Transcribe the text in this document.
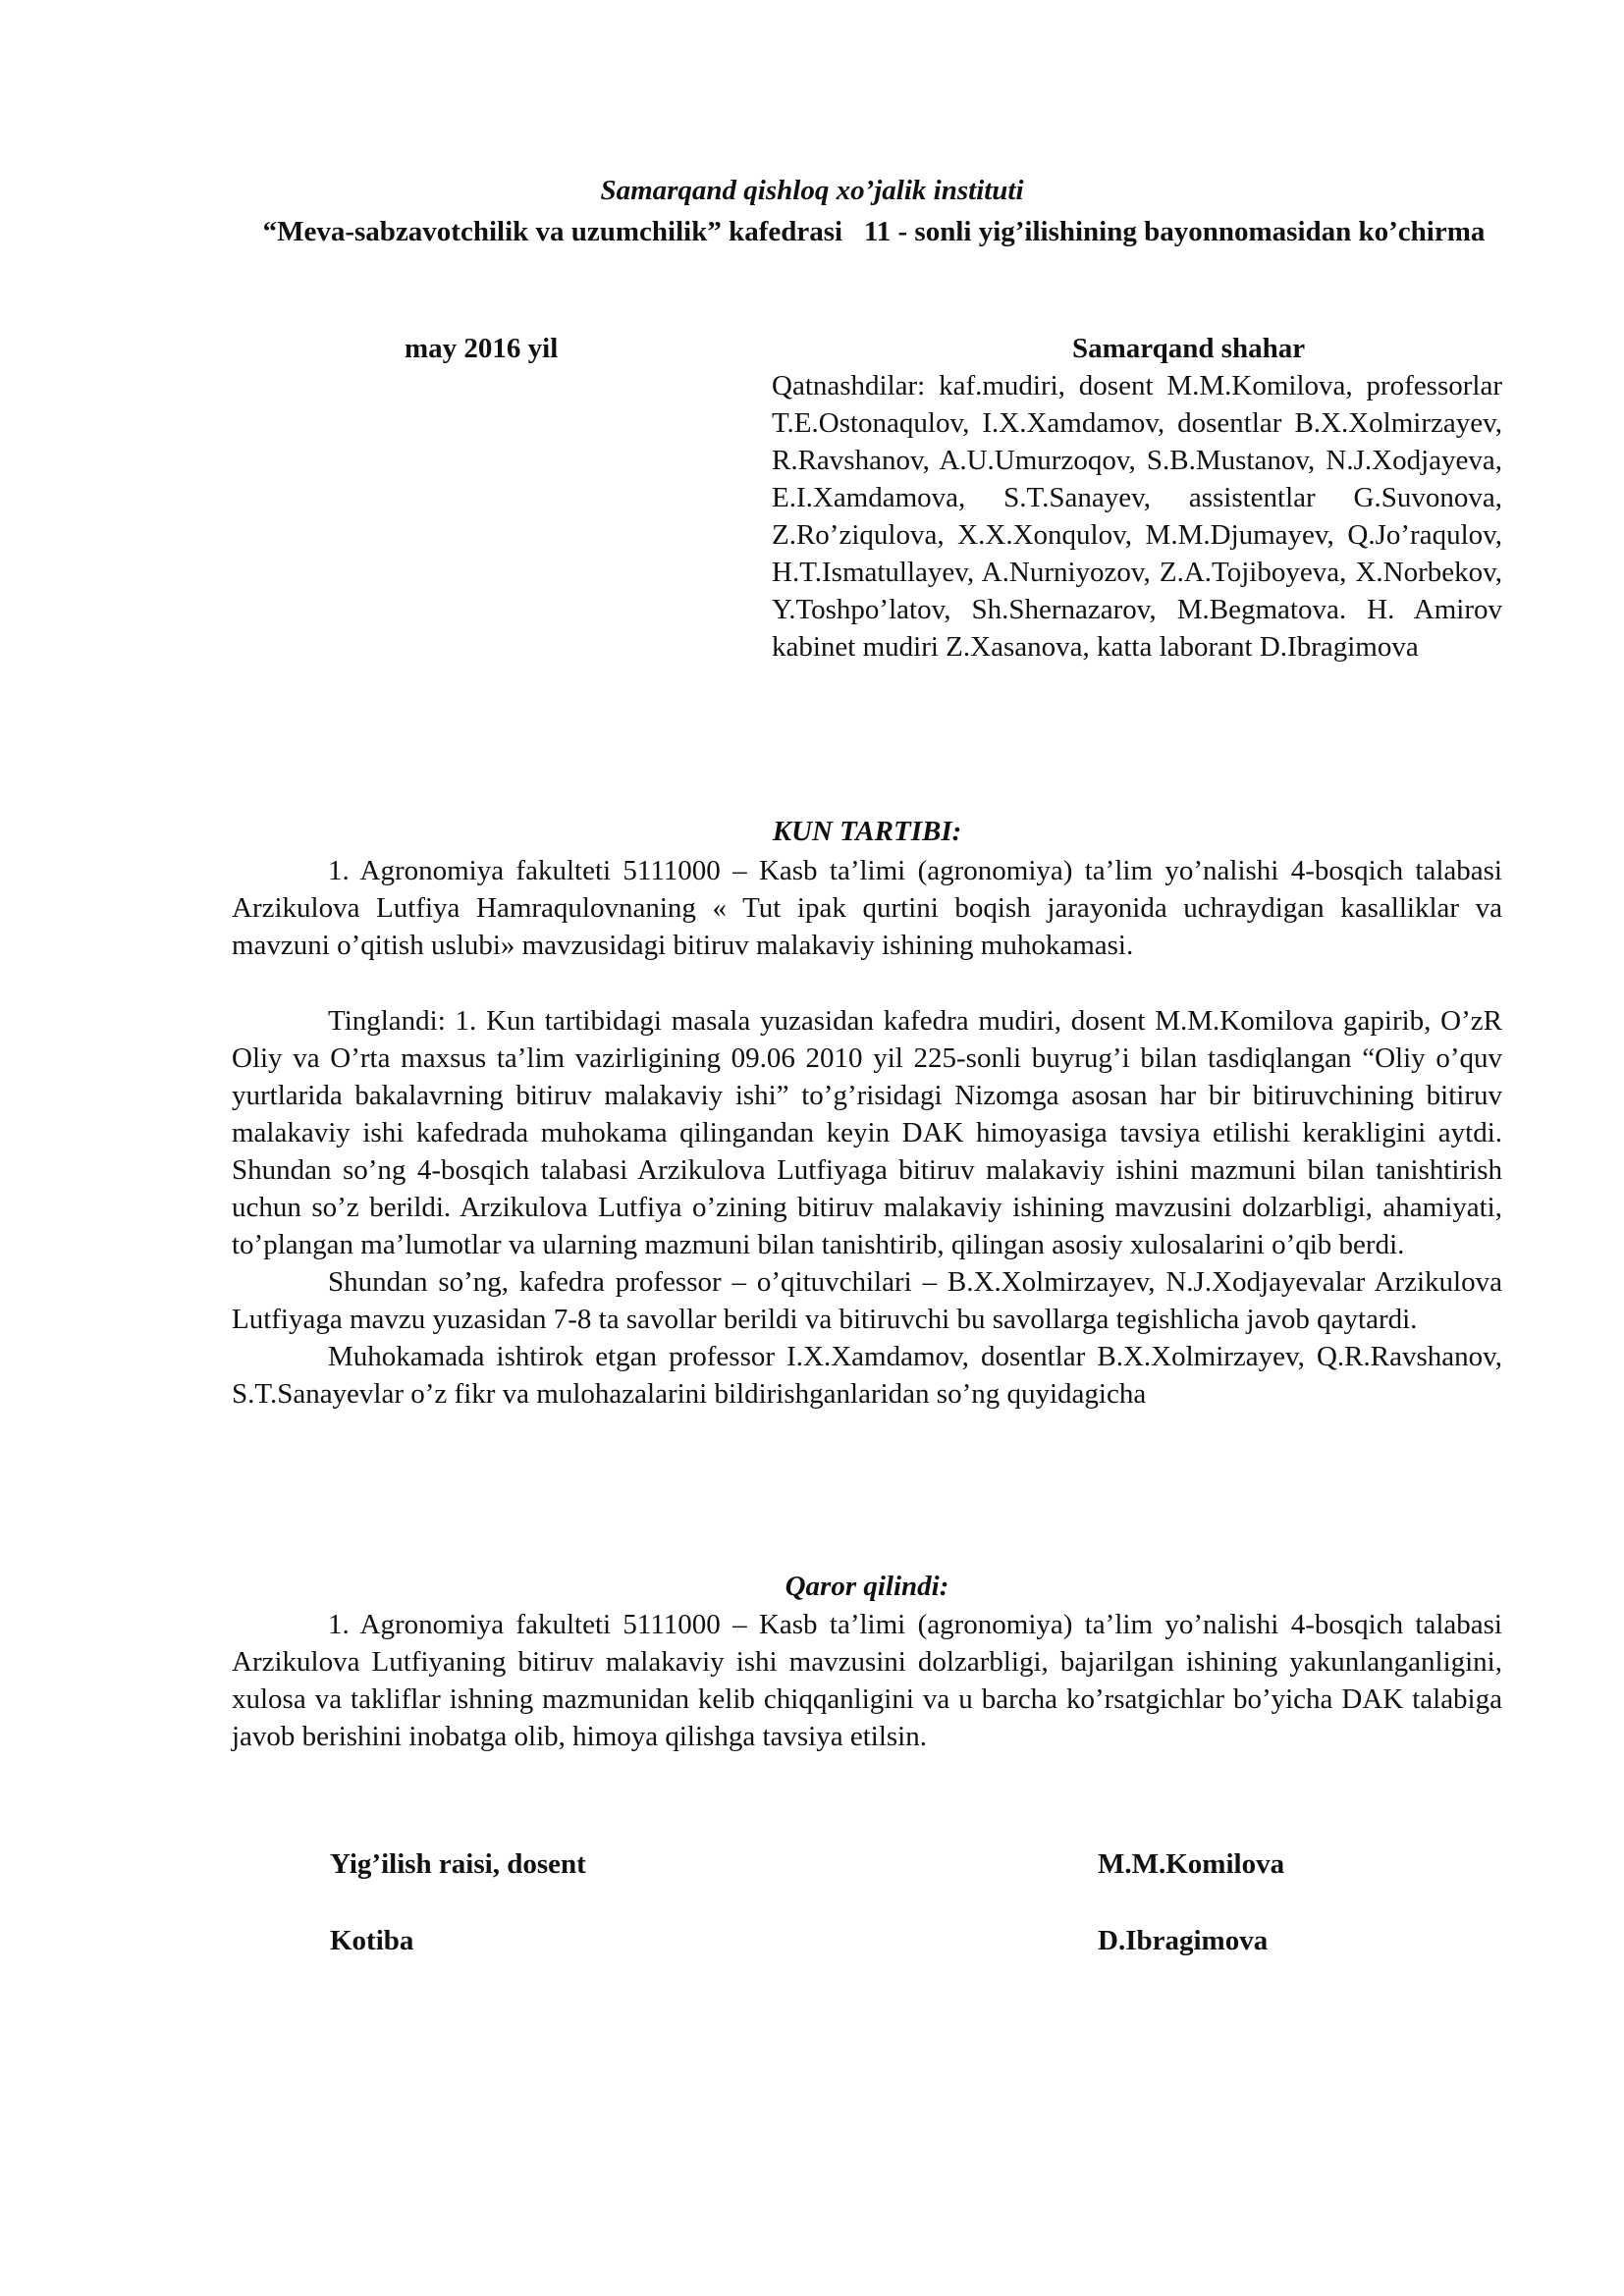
Samarqand qishloq xo’jalik instituti
“Meva-sabzavotchilik va uzumchilik” kafedrasi   11 - sonli yig’ilishining bayonnomasidan ko’chirma
may 2016 yil	Samarqand shahar
Qatnashdilar: kaf.mudiri, dosent M.M.Komilova, professorlar T.E.Ostonaqulov, I.X.Xamdamov, dosentlar B.X.Xolmirzayev, R.Ravshanov, A.U.Umurzoqov, S.B.Mustanov, N.J.Xodjayeva, E.I.Xamdamova, S.T.Sanayev, assistentlar G.Suvonova, Z.Ro’ziqulova, X.X.Xonqulov, M.M.Djumayev, Q.Jo’raqulov, H.T.Ismatullayev, A.Nurniyozov, Z.A.Tojiboyeva, X.Norbekov, Y.Toshpo’latov, Sh.Shernazarov, M.Begmatova. H. Amirov kabinet mudiri Z.Xasanova, katta laborant D.Ibragimova
KUN TARTIBI:

1. Agronomiya fakulteti 5111000 – Kasb ta’limi (agronomiya) ta’lim yo’nalishi 4-bosqich talabasi Arzikulova Lutfiya Hamraqulovnaning « Tut ipak qurtini boqish jarayonida uchraydigan kasalliklar va mavzuni o’qitish uslubi» mavzusidagi bitiruv malakaviy ishining muhokamasi.

Tinglandi: 1. Kun tartibidagi masala yuzasidan kafedra mudiri, dosent M.M.Komilova gapirib, O’zR Oliy va O’rta maxsus ta’lim vazirligining 09.06 2010 yil 225-sonli buyrug’i bilan tasdiqlangan “Oliy o’quv yurtlarida bakalavrning bitiruv malakaviy ishi” to’g’risidagi Nizomga asosan har bir bitiruvchining bitiruv malakaviy ishi kafedrada muhokama qilingandan keyin DAK himoyasiga tavsiya etilishi kerakligini aytdi. Shundan so’ng 4-bosqich talabasi Arzikulova Lutfiyaga bitiruv malakaviy ishini mazmuni bilan tanishtirish uchun so’z berildi. Arzikulova Lutfiya o’zining bitiruv malakaviy ishining mavzusini dolzarbligi, ahamiyati, to’plangan ma’lumotlar va ularning mazmuni bilan tanishtirib, qilingan asosiy xulosalarini o’qib berdi.

Shundan so’ng, kafedra professor – o’qituvchilari – B.X.Xolmirzayev, N.J.Xodjayevalar Arzikulova Lutfiyaga mavzu yuzasidan 7-8 ta savollar berildi va bitiruvchi bu savollarga tegishlicha javob qaytardi.

Muhokamada ishtirok etgan professor I.X.Xamdamov, dosentlar B.X.Xolmirzayev, Q.R.Ravshanov, S.T.Sanayevlar o’z fikr va mulohazalarini bildirishganlaridan so’ng quyidagicha

Qaror qilindi:

1. Agronomiya fakulteti 5111000 – Kasb ta’limi (agronomiya) ta’lim yo’nalishi 4-bosqich talabasi Arzikulova Lutfiyaning bitiruv malakaviy ishi mavzusini dolzarbligi, bajarilgan ishining yakunlanganligini, xulosa va takliflar ishning mazmunidan kelib chiqqanligini va u barcha ko’rsatgichlar bo’yicha DAK talabiga javob berishini inobatga olib, himoya qilishga tavsiya etilsin.

Yig’ilish raisi, dosent	M.M.Komilova
Kotiba	D.Ibragimova
